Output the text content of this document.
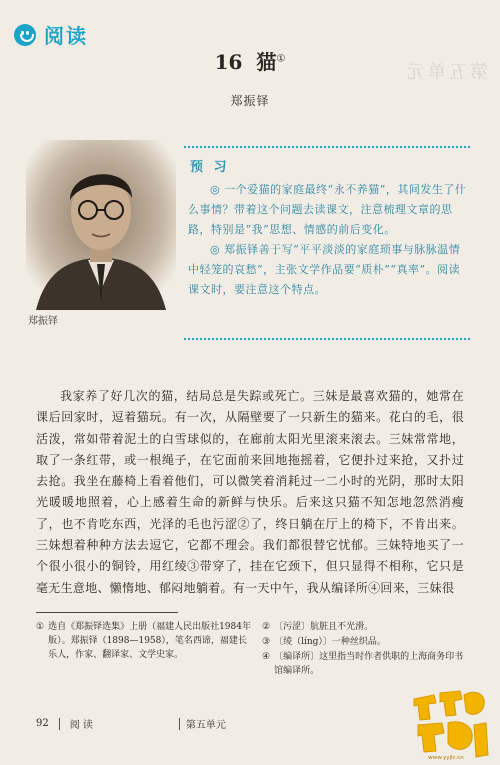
阅读
第五单元
16 猫①
郑振铎
郑振铎
预 习

◎ 一个爱猫的家庭最终“永不养猫”，其间发生了什么事情？带着这个问题去读课文，注意梳理文章的思路，特别是“我”思想、情感的前后变化。

◎ 郑振铎善于写“平平淡淡的家庭琐事与脉脉温情中轻笼的哀愁”，主张文学作品要“质朴”“真率”。阅读课文时，要注意这个特点。

我家养了好几次的猫，结局总是失踪或死亡。三妹是最喜欢猫的，她常在课后回家时，逗着猫玩。有一次，从隔壁要了一只新生的猫来。花白的毛，很活泼，常如带着泥土的白雪球似的，在廊前太阳光里滚来滚去。三妹常常地，取了一条红带，或一根绳子，在它面前来回地拖摇着，它便扑过来抢，又扑过去抢。我坐在藤椅上看着他们，可以微笑着消耗过一二小时的光阴，那时太阳光暖暖地照着，心上感着生命的新鲜与快乐。后来这只猫不知怎地忽然消瘦了，也不肯吃东西，光泽的毛也污涩②了，终日躺在厅上的椅下，不肯出来。三妹想着种种方法去逗它，它都不理会。我们都很替它忧郁。三妹特地买了一个很小很小的铜铃，用红绫③带穿了，挂在它颈下，但只显得不相称，它只是毫无生意地、懒惰地、郁闷地躺着。有一天中午，我从编译所④回来，三妹很

① 选自《郑振铎选集》上册（福建人民出版社1984年版）。郑振铎（1898—1958），笔名西谛，福建长乐人，作家、翻译家、文学史家。
② 〔污涩〕肮脏且不光滑。
③ 〔绫（líng）〕一种丝织品。
④ 〔编译所〕这里指当时作者供职的上海商务印书馆编译所。
92 阅 读	第五单元
www.yyjlc.cn
